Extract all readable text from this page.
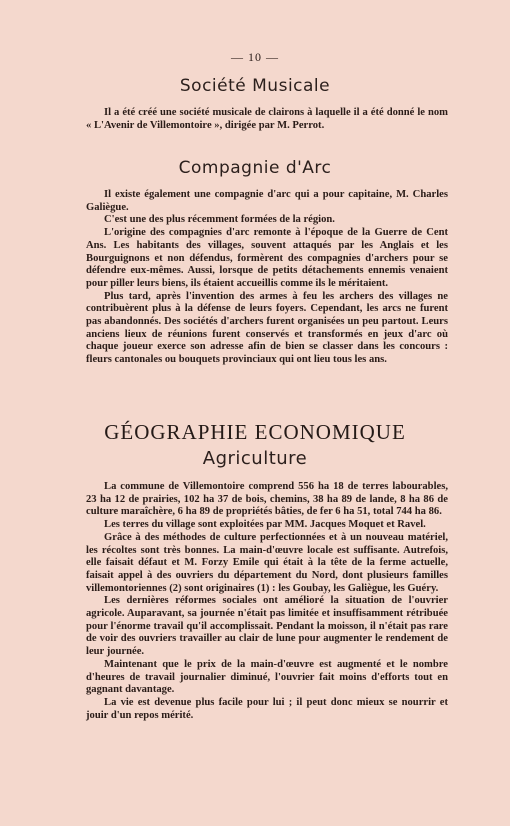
— 10 —
Société Musicale

Il a été créé une société musicale de clairons à laquelle il a été donné le nom « L'Avenir de Villemontoire », dirigée par M. Perrot.

Compagnie d'Arc

Il existe également une compagnie d'arc qui a pour capitaine, M. Charles Galiègue.

C'est une des plus récemment formées de la région.

L'origine des compagnies d'arc remonte à l'époque de la Guerre de Cent Ans. Les habitants des villages, souvent attaqués par les Anglais et les Bourguignons et non défendus, formèrent des compagnies d'archers pour se défendre eux-mêmes. Aussi, lorsque de petits détachements ennemis venaient pour piller leurs biens, ils étaient accueillis comme ils le méritaient.

Plus tard, après l'invention des armes à feu les archers des villages ne contribuèrent plus à la défense de leurs foyers. Cependant, les arcs ne furent pas abandonnés. Des sociétés d'archers furent organisées un peu partout. Leurs anciens lieux de réunions furent conservés et transformés en jeux d'arc où chaque joueur exerce son adresse afin de bien se classer dans les concours : fleurs cantonales ou bouquets provinciaux qui ont lieu tous les ans.

GÉOGRAPHIE ECONOMIQUE
Agriculture

La commune de Villemontoire comprend 556 ha 18 de terres labourables, 23 ha 12 de prairies, 102 ha 37 de bois, chemins, 38 ha 89 de lande, 8 ha 86 de culture maraîchère, 6 ha 89 de propriétés bâties, de fer 6 ha 51, total 744 ha 86.

Les terres du village sont exploitées par MM. Jacques Moquet et Ravel.

Grâce à des méthodes de culture perfectionnées et à un nouveau matériel, les récoltes sont très bonnes. La main-d'œuvre locale est suffisante. Autrefois, elle faisait défaut et M. Forzy Emile qui était à la tête de la ferme actuelle, faisait appel à des ouvriers du département du Nord, dont plusieurs familles villemontoriennes (2) sont originaires (1) : les Goubay, les Galiègue, les Guéry.

Les dernières réformes sociales ont amélioré la situation de l'ouvrier agricole. Auparavant, sa journée n'était pas limitée et insuffisamment rétribuée pour l'énorme travail qu'il accomplissait. Pendant la moisson, il n'était pas rare de voir des ouvriers travailler au clair de lune pour augmenter le rendement de leur journée.

Maintenant que le prix de la main-d'œuvre est augmenté et le nombre d'heures de travail journalier diminué, l'ouvrier fait moins d'efforts tout en gagnant davantage.

La vie est devenue plus facile pour lui ; il peut donc mieux se nourrir et jouir d'un repos mérité.
